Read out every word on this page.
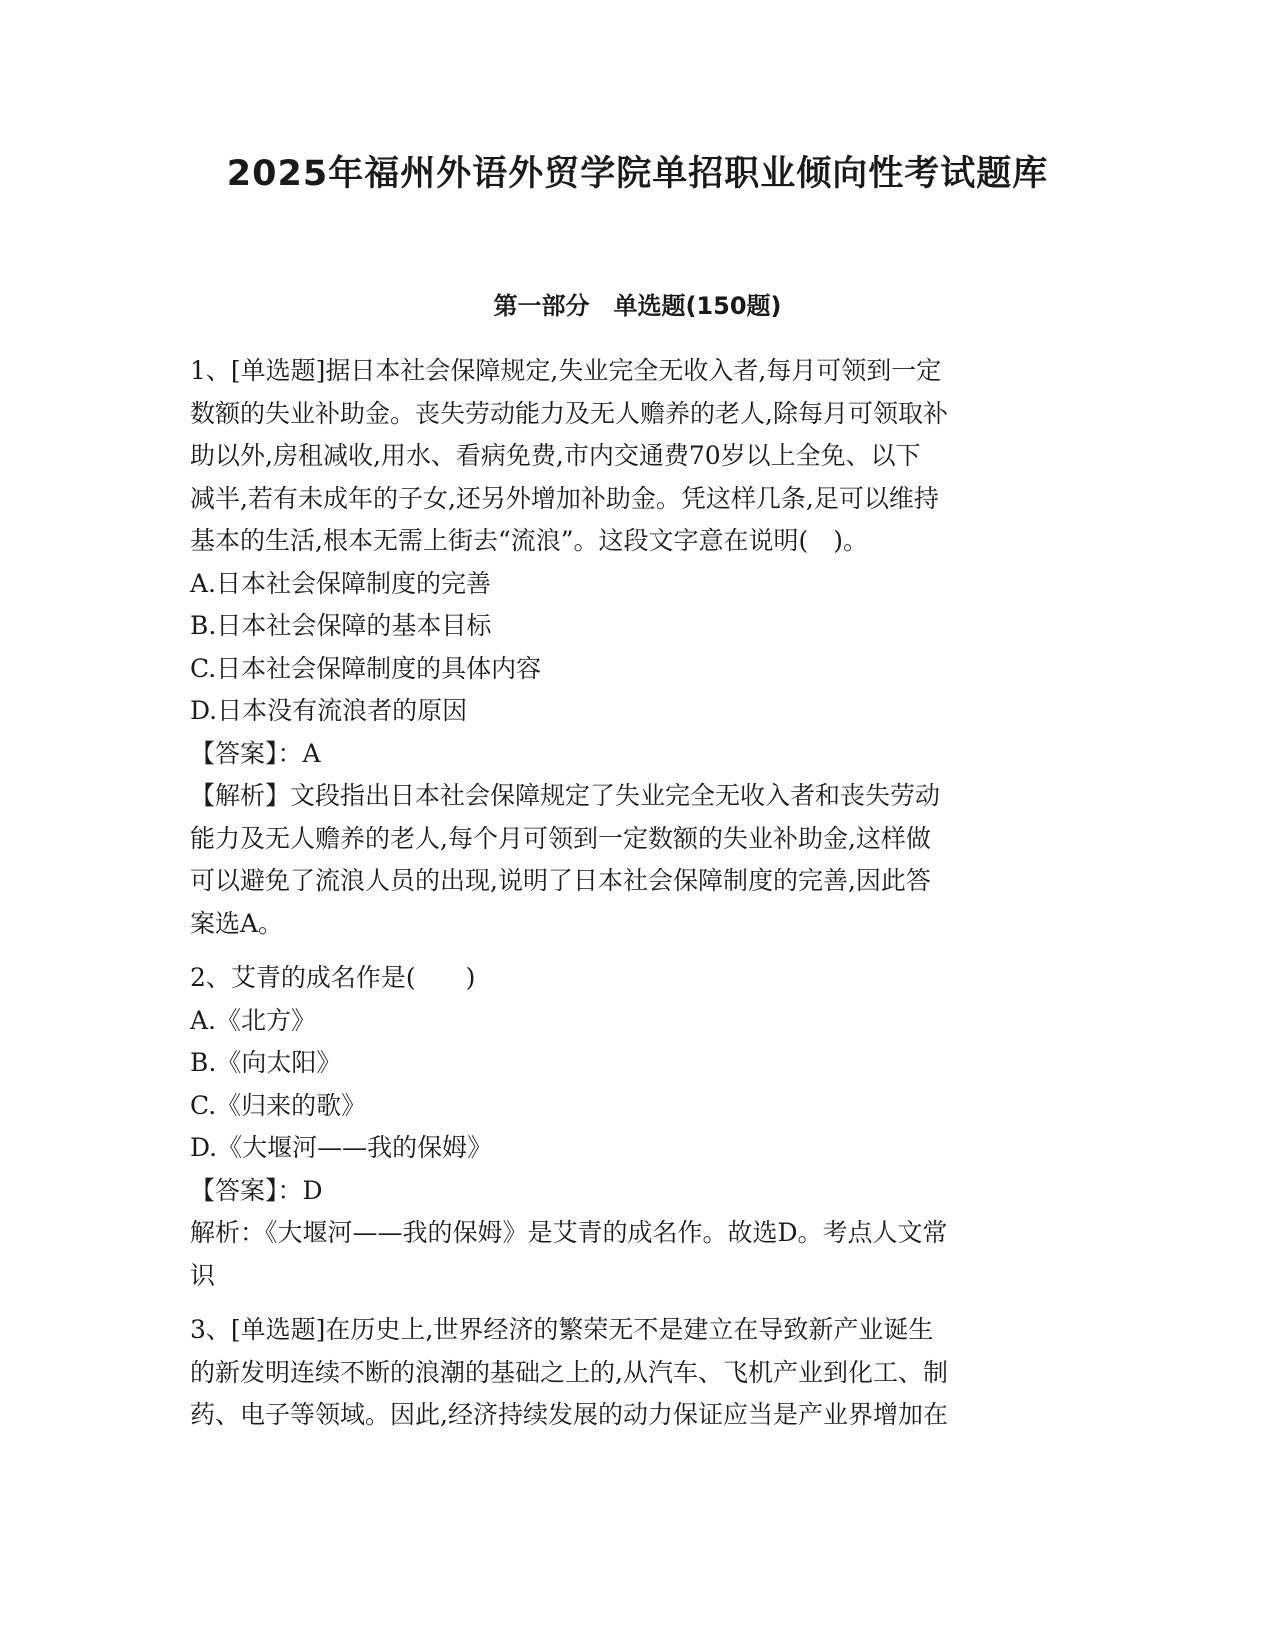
2025年福州外语外贸学院单招职业倾向性考试题库
第一部分　单选题(150题)
1、[单选题]据日本社会保障规定,失业完全无收入者,每月可领到一定
数额的失业补助金。丧失劳动能力及无人赡养的老人,除每月可领取补
助以外,房租减收,用水、看病免费,市内交通费70岁以上全免、以下
减半,若有未成年的子女,还另外增加补助金。凭这样几条,足可以维持
基本的生活,根本无需上街去“流浪”。这段文字意在说明(　)。
A.日本社会保障制度的完善
B.日本社会保障的基本目标
C.日本社会保障制度的具体内容
D.日本没有流浪者的原因
【答案】：A
【解析】文段指出日本社会保障规定了失业完全无收入者和丧失劳动
能力及无人赡养的老人,每个月可领到一定数额的失业补助金,这样做
可以避免了流浪人员的出现,说明了日本社会保障制度的完善,因此答
案选A。
2、艾青的成名作是(　　)
A.《北方》
B.《向太阳》
C.《归来的歌》
D.《大堰河——我的保姆》
【答案】：D
解析：《大堰河——我的保姆》是艾青的成名作。故选D。考点人文常
识
3、[单选题]在历史上,世界经济的繁荣无不是建立在导致新产业诞生
的新发明连续不断的浪潮的基础之上的,从汽车、飞机产业到化工、制
药、电子等领域。因此,经济持续发展的动力保证应当是产业界增加在
